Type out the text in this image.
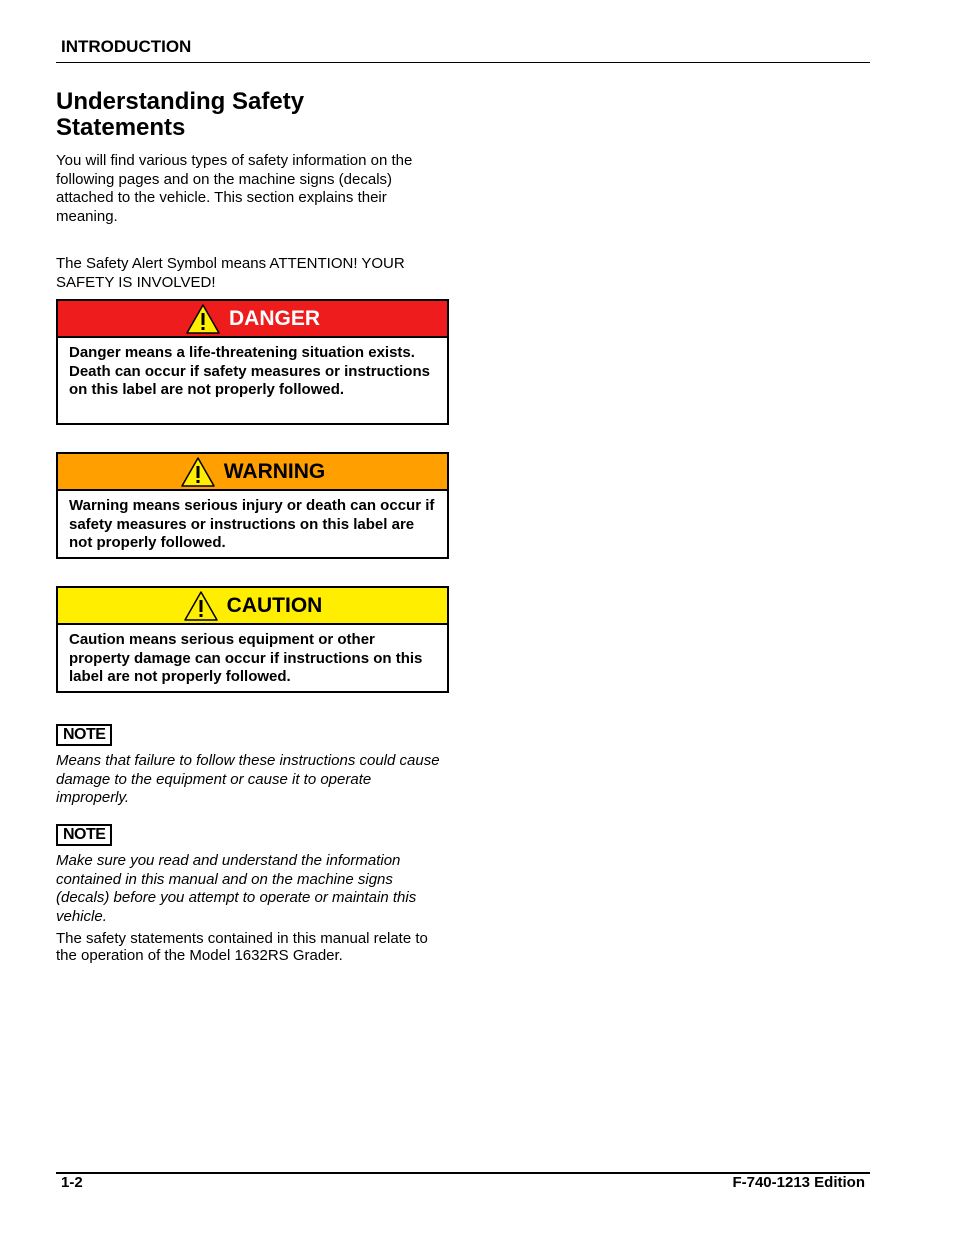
INTRODUCTION
Understanding Safety Statements

You will find various types of safety information on the following pages and on the machine signs (decals) attached to the vehicle. This section explains their meaning.

The Safety Alert Symbol means ATTENTION! YOUR SAFETY IS INVOLVED!

DANGER
Danger means a life-threatening situation exists. Death can occur if safety measures or instructions on this label are not properly followed.
WARNING
Warning means serious injury or death can occur if safety measures or instructions on this label are not properly followed.
CAUTION
Caution means serious equipment or other property damage can occur if instructions on this label are not properly followed.
NOTE

Means that failure to follow these instructions could cause damage to the equipment or cause it to operate improperly.

NOTE

Make sure you read and understand the information contained in this manual and on the machine signs (decals) before you attempt to operate or maintain this vehicle.

The safety statements contained in this manual relate to the operation of the Model 1632RS Grader.

1-2	F-740-1213 Edition
